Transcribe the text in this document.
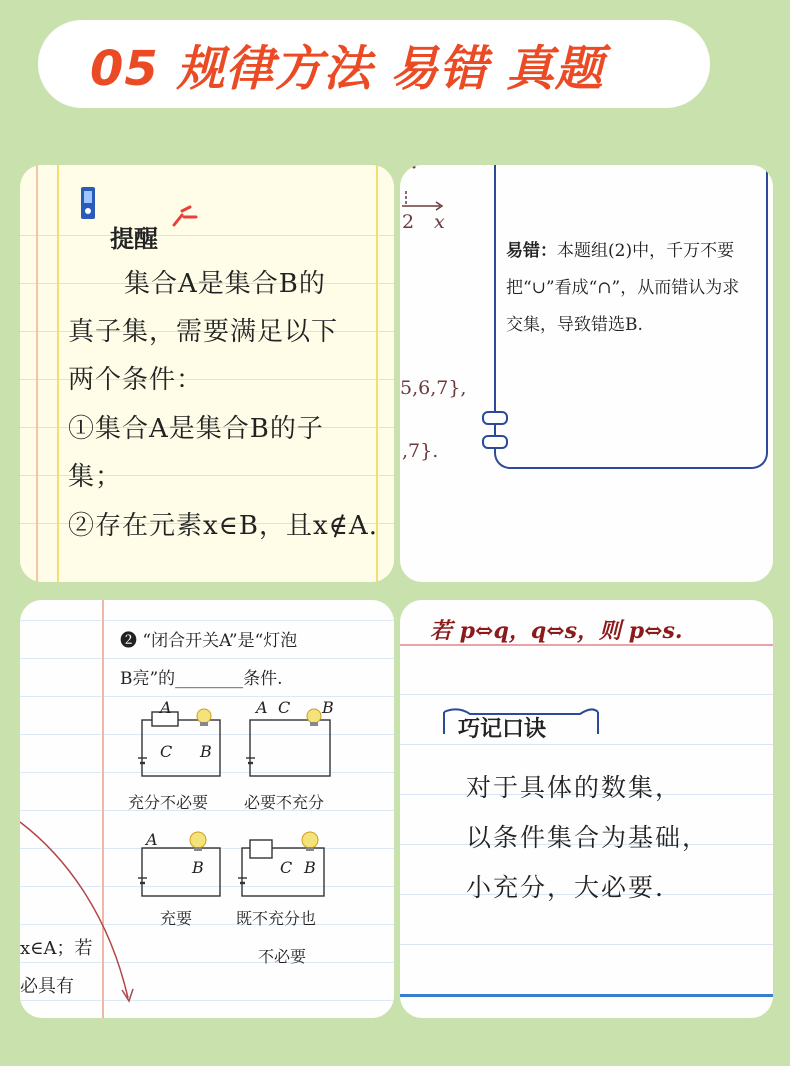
05 规律方法 易错 真题
提醒
集合A是集合B的
真子集，需要满足以下
两个条件：
①集合A是集合B的子
集；
②存在元素x∈B，且x∉A.
2 x
5,6,7},
,7}.
易错：本题组(2)中，千万不要把“∪”看成“∩”，从而错认为求交集，导致错选B.
x∈A；若
必具有
❷ “闭合开关A”是“灯泡
B亮”的________条件.
A
C B
充分不必要
A C B
必要不充分
A
B
充要
C B
既不充分也
不必要
若 p⇔q，q⇔s，则 p⇔s.
巧记口诀
对于具体的数集，
以条件集合为基础，
小充分，大必要.
